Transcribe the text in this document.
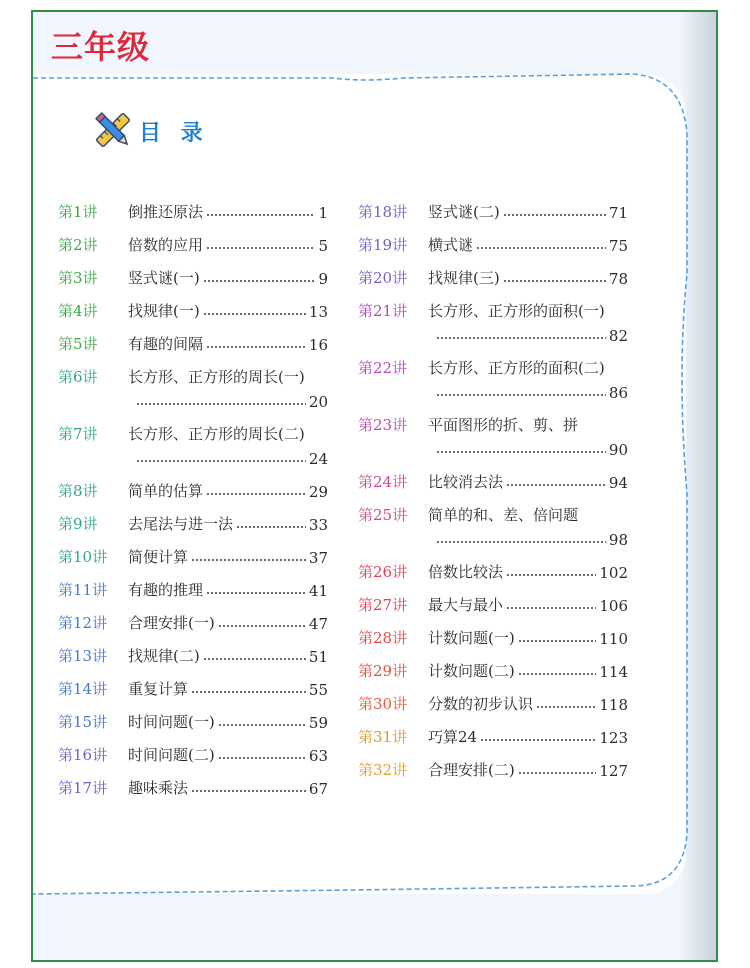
三年级
目 录
第1讲	倒推还原法	1
第2讲	倍数的应用	5
第3讲	竖式谜(一)	9
第4讲	找规律(一)	13
第5讲	有趣的间隔	16
第6讲	长方形、正方形的周长(一)
20
第7讲	长方形、正方形的周长(二)
24
第8讲	简单的估算	29
第9讲	去尾法与进一法	33
第10讲	简便计算	37
第11讲	有趣的推理	41
第12讲	合理安排(一)	47
第13讲	找规律(二)	51
第14讲	重复计算	55
第15讲	时间问题(一)	59
第16讲	时间问题(二)	63
第17讲	趣味乘法	67
第18讲	竖式谜(二)	71
第19讲	横式谜	75
第20讲	找规律(三)	78
第21讲	长方形、正方形的面积(一)
82
第22讲	长方形、正方形的面积(二)
86
第23讲	平面图形的折、剪、拼
90
第24讲	比较消去法	94
第25讲	简单的和、差、倍问题
98
第26讲	倍数比较法	102
第27讲	最大与最小	106
第28讲	计数问题(一)	110
第29讲	计数问题(二)	114
第30讲	分数的初步认识	118
第31讲	巧算24	123
第32讲	合理安排(二)	127
